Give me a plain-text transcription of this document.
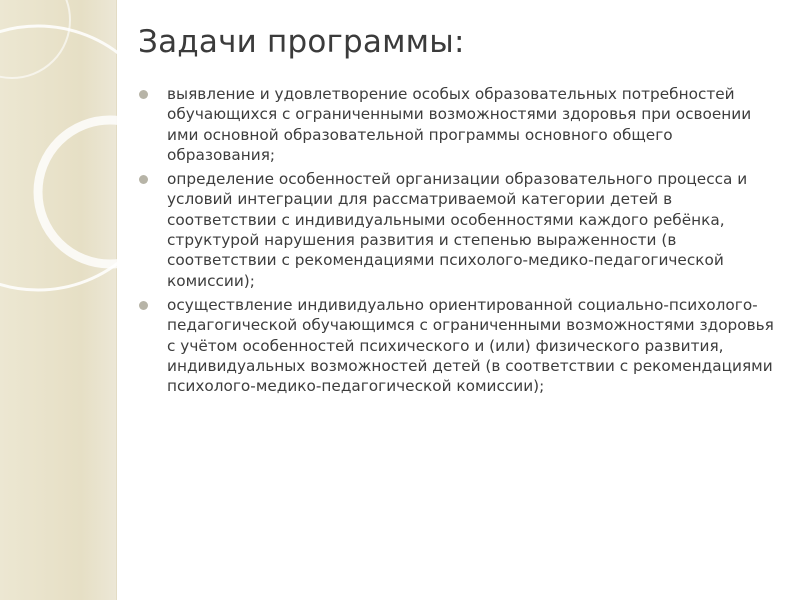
Задачи программы:
выявление и удовлетворение особых образовательных потребностей обучающихся с ограниченными возможностями здоровья при освоении ими основной образовательной программы основного общего образования;
определение особенностей организации образовательного процесса и условий интеграции для рассматриваемой категории детей в соответствии с индивидуальными особенностями каждого ребёнка, структурой нарушения развития и степенью выраженности (в соответствии с рекомендациями психолого-медико-педагогической комиссии);
осуществление индивидуально ориентированной социально-психолого-педагогической обучающимся с ограниченными возможностями здоровья с учётом особенностей психического и (или) физического развития, индивидуальных возможностей детей (в соответствии с рекомендациями психолого-медико-педагогической комиссии);
